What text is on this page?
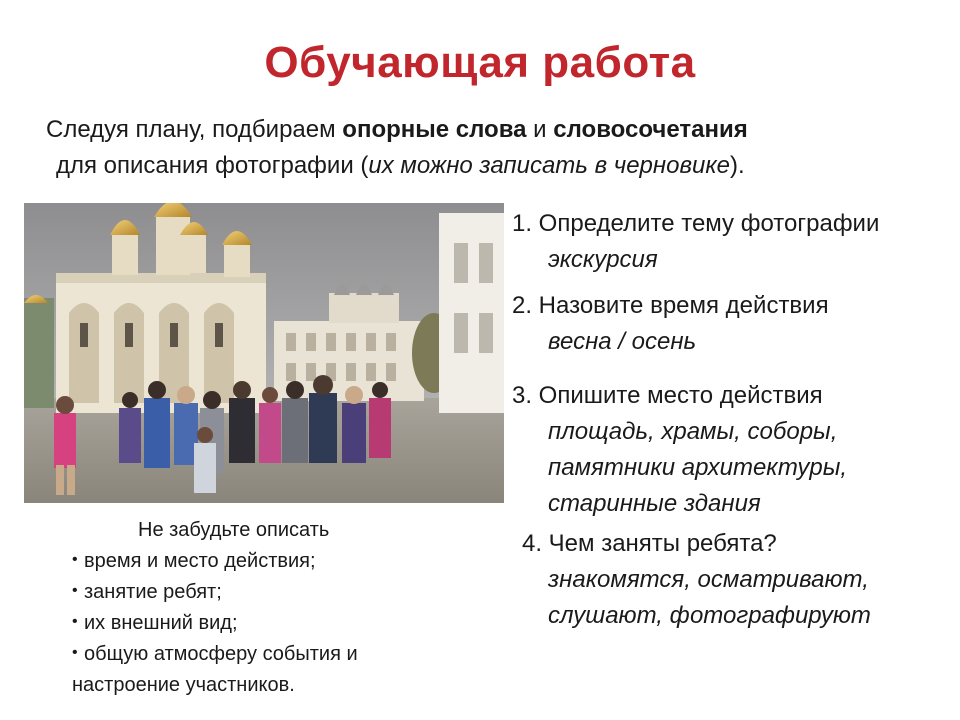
Обучающая работа
Следуя плану, подбираем опорные слова и словосочетания
для описания фотографии (их можно записать в черновике).
1. Определите тему фотографии
экскурсия
2. Назовите время действия
весна / осень
3. Опишите место действия
площадь, храмы, соборы,
памятники архитектуры,
старинные здания
4. Чем заняты ребята?
знакомятся, осматривают,
слушают, фотографируют
Не забудьте описать
• время и место действия;
• занятие ребят;
• их внешний вид;
• общую атмосферу события и
настроение участников.
